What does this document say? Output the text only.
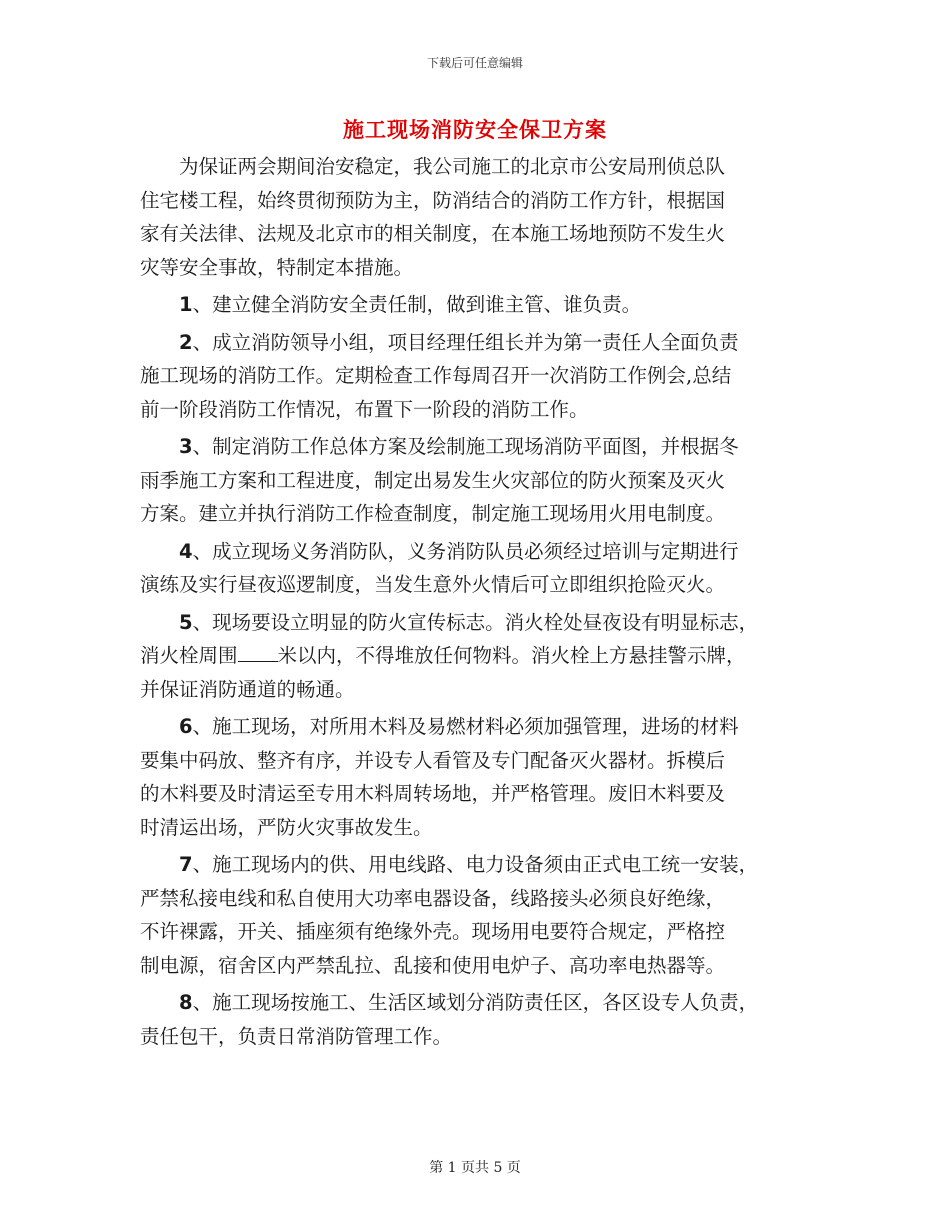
下载后可任意编辑
施工现场消防安全保卫方案

为保证两会期间治安稳定，我公司施工的北京市公安局刑侦总队
住宅楼工程，始终贯彻预防为主，防消结合的消防工作方针，根据国
家有关法律、法规及北京市的相关制度，在本施工场地预防不发生火
灾等安全事故，特制定本措施。

1、建立健全消防安全责任制，做到谁主管、谁负责。

2、成立消防领导小组，项目经理任组长并为第一责任人全面负责
施工现场的消防工作。定期检查工作每周召开一次消防工作例会,总结
前一阶段消防工作情况，布置下一阶段的消防工作。

3、制定消防工作总体方案及绘制施工现场消防平面图，并根据冬
雨季施工方案和工程进度，制定出易发生火灾部位的防火预案及灭火
方案。建立并执行消防工作检查制度，制定施工现场用火用电制度。

4、成立现场义务消防队，义务消防队员必须经过培训与定期进行
演练及实行昼夜巡逻制度，当发生意外火情后可立即组织抢险灭火。

5、现场要设立明显的防火宣传标志。消火栓处昼夜设有明显标志，
消火栓周围 米以内，不得堆放任何物料。消火栓上方悬挂警示牌，
并保证消防通道的畅通。

6、施工现场，对所用木料及易燃材料必须加强管理，进场的材料
要集中码放、整齐有序，并设专人看管及专门配备灭火器材。拆模后
的木料要及时清运至专用木料周转场地，并严格管理。废旧木料要及
时清运出场，严防火灾事故发生。

7、施工现场内的供、用电线路、电力设备须由正式电工统一安装，
严禁私接电线和私自使用大功率电器设备，线路接头必须良好绝缘，
不许裸露，开关、插座须有绝缘外壳。现场用电要符合规定，严格控
制电源，宿舍区内严禁乱拉、乱接和使用电炉子、高功率电热器等。

8、施工现场按施工、生活区域划分消防责任区，各区设专人负责，
责任包干，负责日常消防管理工作。

第 1 页共 5 页
